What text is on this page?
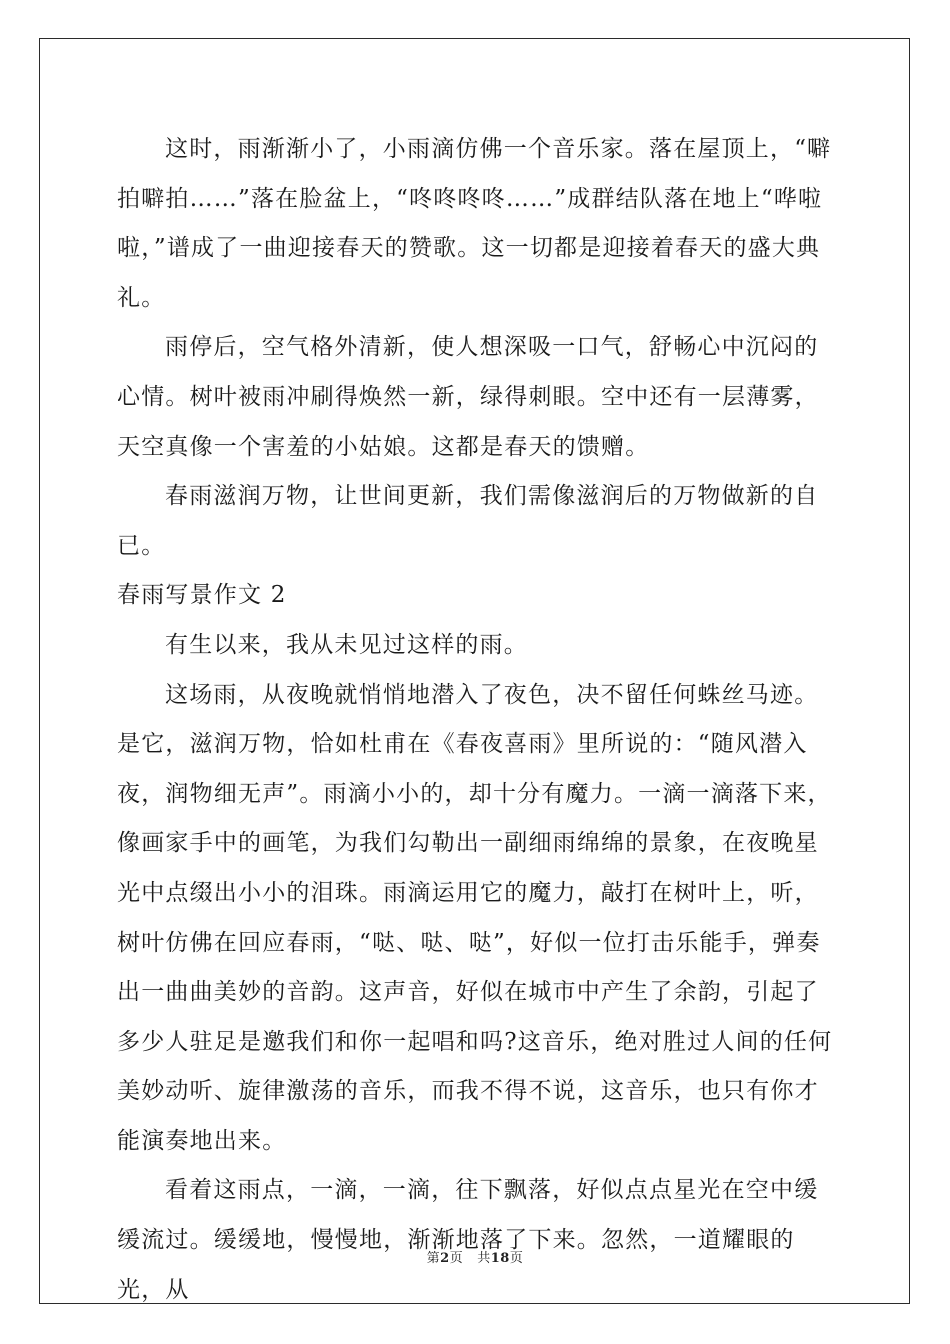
这时，雨渐渐小了，小雨滴仿佛一个音乐家。落在屋顶上，“噼拍噼拍……”落在脸盆上，“咚咚咚咚……”成群结队落在地上“哗啦啦，”谱成了一曲迎接春天的赞歌。这一切都是迎接着春天的盛大典礼。

雨停后，空气格外清新，使人想深吸一口气，舒畅心中沉闷的心情。树叶被雨冲刷得焕然一新，绿得刺眼。空中还有一层薄雾，天空真像一个害羞的小姑娘。这都是春天的馈赠。

春雨滋润万物，让世间更新，我们需像滋润后的万物做新的自已。

春雨写景作文 2

有生以来，我从未见过这样的雨。

这场雨，从夜晚就悄悄地潜入了夜色，决不留任何蛛丝马迹。是它，滋润万物，恰如杜甫在《春夜喜雨》里所说的：“随风潜入夜，润物细无声”。雨滴小小的，却十分有魔力。一滴一滴落下来，像画家手中的画笔，为我们勾勒出一副细雨绵绵的景象，在夜晚星光中点缀出小小的泪珠。雨滴运用它的魔力，敲打在树叶上，听，树叶仿佛在回应春雨，“哒、哒、哒”，好似一位打击乐能手，弹奏出一曲曲美妙的音韵。这声音，好似在城市中产生了余韵，引起了多少人驻足是邀我们和你一起唱和吗?这音乐，绝对胜过人间的任何美妙动听、旋律激荡的音乐，而我不得不说，这音乐，也只有你才能演奏地出来。

看着这雨点，一滴，一滴，往下飘落，好似点点星光在空中缓缓流过。缓缓地，慢慢地，渐渐地落了下来。忽然，一道耀眼的光，从

第2页 共18页
